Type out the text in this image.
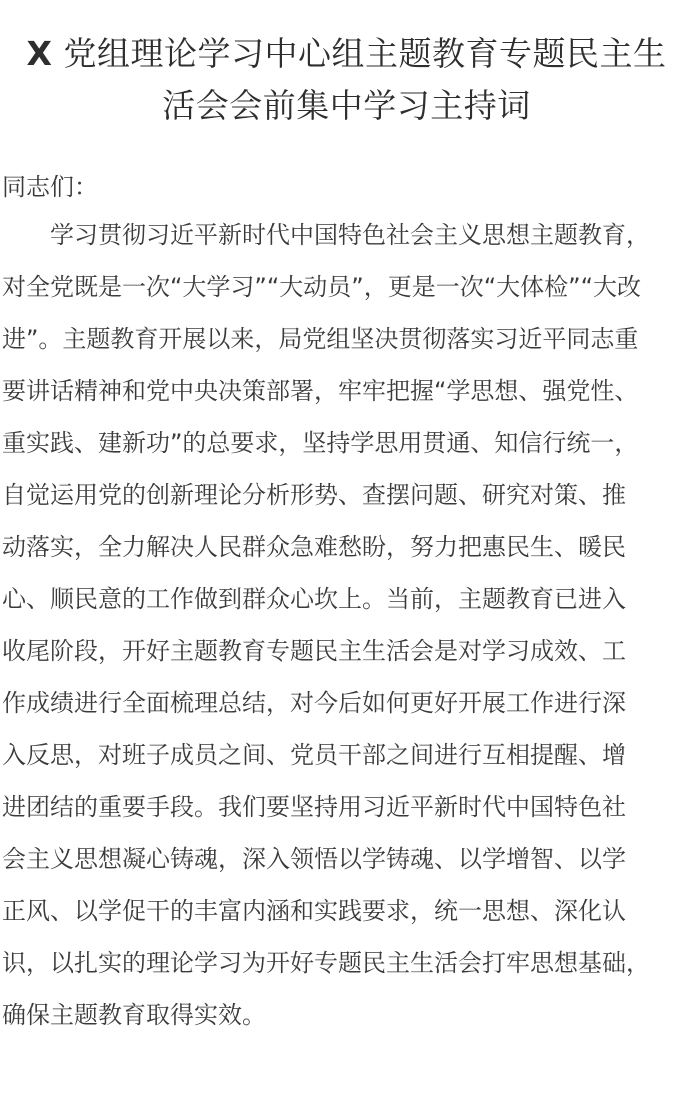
X 党组理论学习中心组主题教育专题民主生
活会会前集中学习主持词

同志们：

　　学习贯彻习近平新时代中国特色社会主义思想主题教育，

对全党既是一次“大学习”“大动员”，更是一次“大体检”“大改

进”。主题教育开展以来，局党组坚决贯彻落实习近平同志重

要讲话精神和党中央决策部署，牢牢把握“学思想、强党性、

重实践、建新功”的总要求，坚持学思用贯通、知信行统一，

自觉运用党的创新理论分析形势、查摆问题、研究对策、推

动落实，全力解决人民群众急难愁盼，努力把惠民生、暖民

心、顺民意的工作做到群众心坎上。当前，主题教育已进入

收尾阶段，开好主题教育专题民主生活会是对学习成效、工

作成绩进行全面梳理总结，对今后如何更好开展工作进行深

入反思，对班子成员之间、党员干部之间进行互相提醒、增

进团结的重要手段。我们要坚持用习近平新时代中国特色社

会主义思想凝心铸魂，深入领悟以学铸魂、以学增智、以学

正风、以学促干的丰富内涵和实践要求，统一思想、深化认

识，以扎实的理论学习为开好专题民主生活会打牢思想基础，

确保主题教育取得实效。
